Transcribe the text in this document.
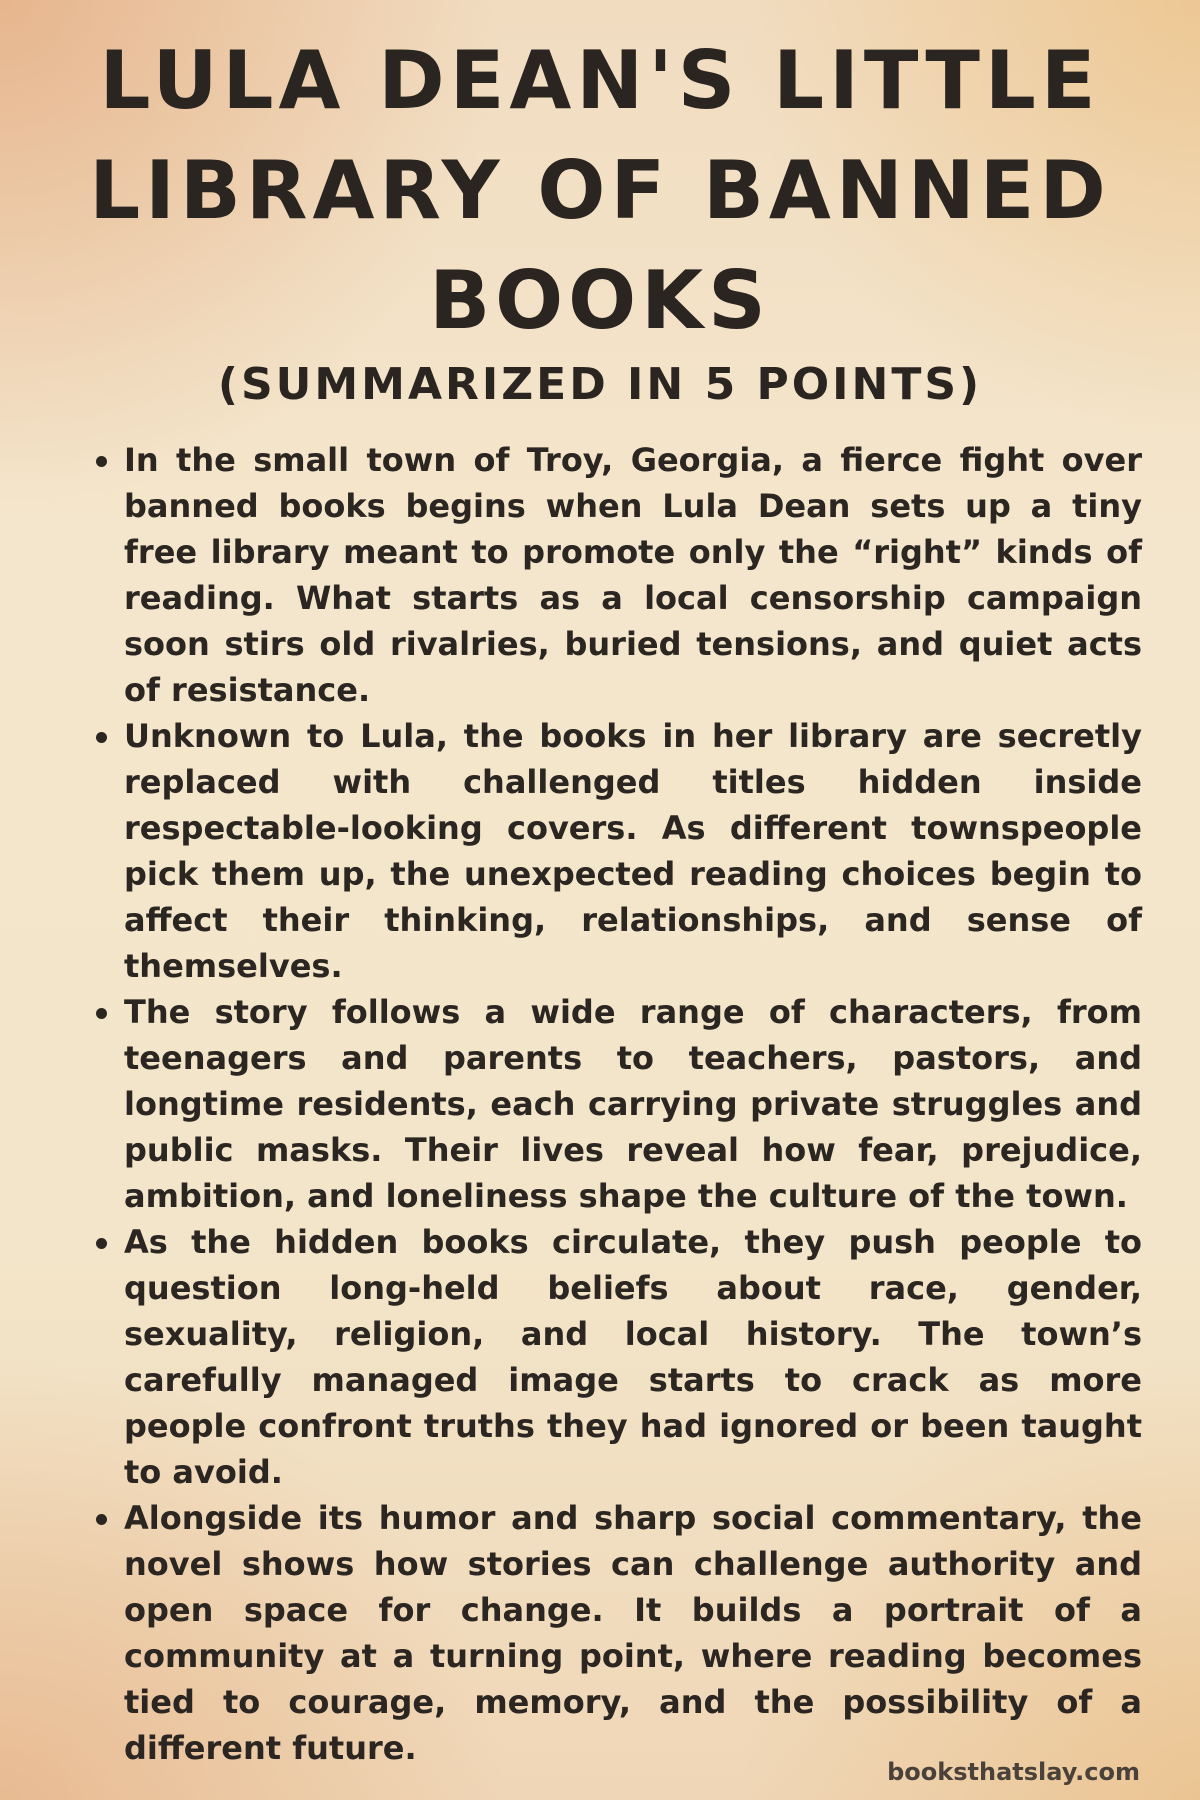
LULA DEAN'S LITTLE LIBRARY OF BANNED BOOKS
(SUMMARIZED IN 5 POINTS)
In the small town of Troy, Georgia, a fierce fight over banned books begins when Lula Dean sets up a tiny free library meant to promote only the “right” kinds of reading. What starts as a local censorship campaign soon stirs old rivalries, buried tensions, and quiet acts of resistance.
Unknown to Lula, the books in her library are secretly replaced with challenged titles hidden inside respectable-looking covers. As different townspeople pick them up, the unexpected reading choices begin to affect their thinking, relationships, and sense of themselves.
The story follows a wide range of characters, from teenagers and parents to teachers, pastors, and longtime residents, each carrying private struggles and public masks. Their lives reveal how fear, prejudice, ambition, and loneliness shape the culture of the town.
As the hidden books circulate, they push people to question long-held beliefs about race, gender, sexuality, religion, and local history. The town’s carefully managed image starts to crack as more people confront truths they had ignored or been taught to avoid.
Alongside its humor and sharp social commentary, the novel shows how stories can challenge authority and open space for change. It builds a portrait of a community at a turning point, where reading becomes tied to courage, memory, and the possibility of a different future.
booksthatslay.com
